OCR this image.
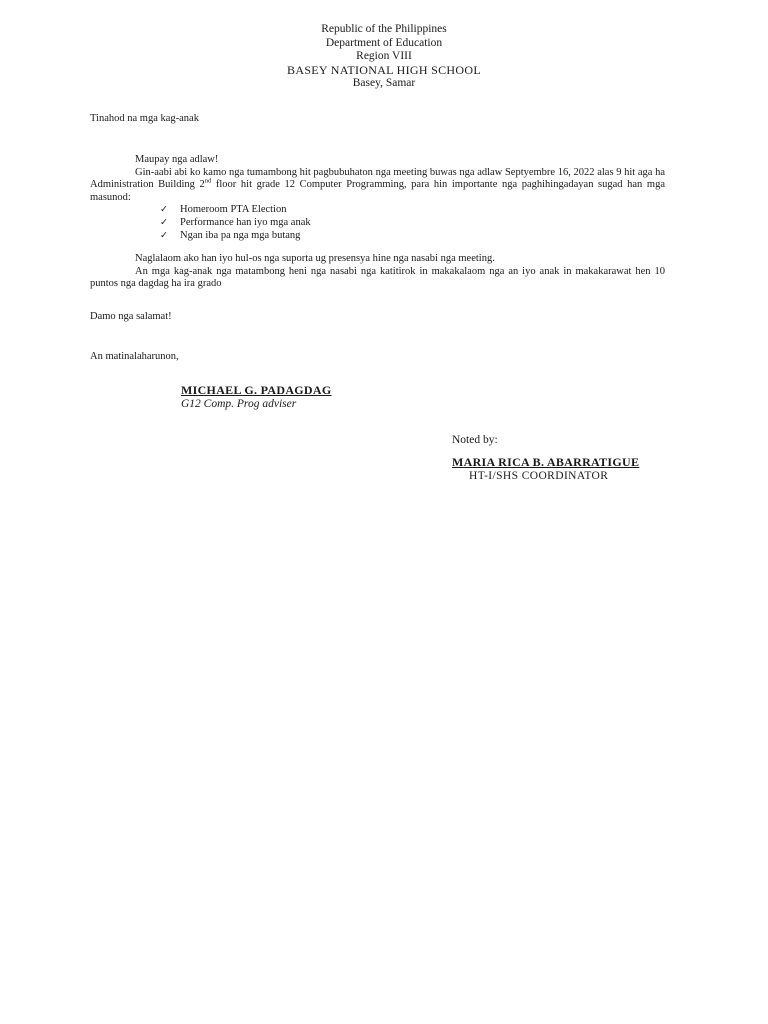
Republic of the Philippines
Department of Education
Region VIII
BASEY NATIONAL HIGH SCHOOL
Basey, Samar
Tinahod na mga kag-anak
Maupay nga adlaw!

Gin-aabi abi ko kamo nga tumambong hit pagbubuhaton nga meeting buwas nga adlaw Septyembre 16, 2022 alas 9 hit aga ha Administration Building 2nd floor hit grade 12 Computer Programming, para hin importante nga paghihingadayan sugad han mga masunod:

✓ Homeroom PTA Election
✓ Performance han iyo mga anak
✓ Ngan iba pa nga mga butang
Naglalaom ako han iyo hul-os nga suporta ug presensya hine nga nasabi nga meeting.

An mga kag-anak nga matambong heni nga nasabi nga katitirok in makakalaom nga an iyo anak in makakarawat hen 10 puntos nga dagdag ha ira grado

Damo nga salamat!
An matinalaharunon,
MICHAEL G. PADAGDAG
G12 Comp. Prog adviser
Noted by:
MARIA RICA B. ABARRATIGUE
HT-I/SHS COORDINATOR
